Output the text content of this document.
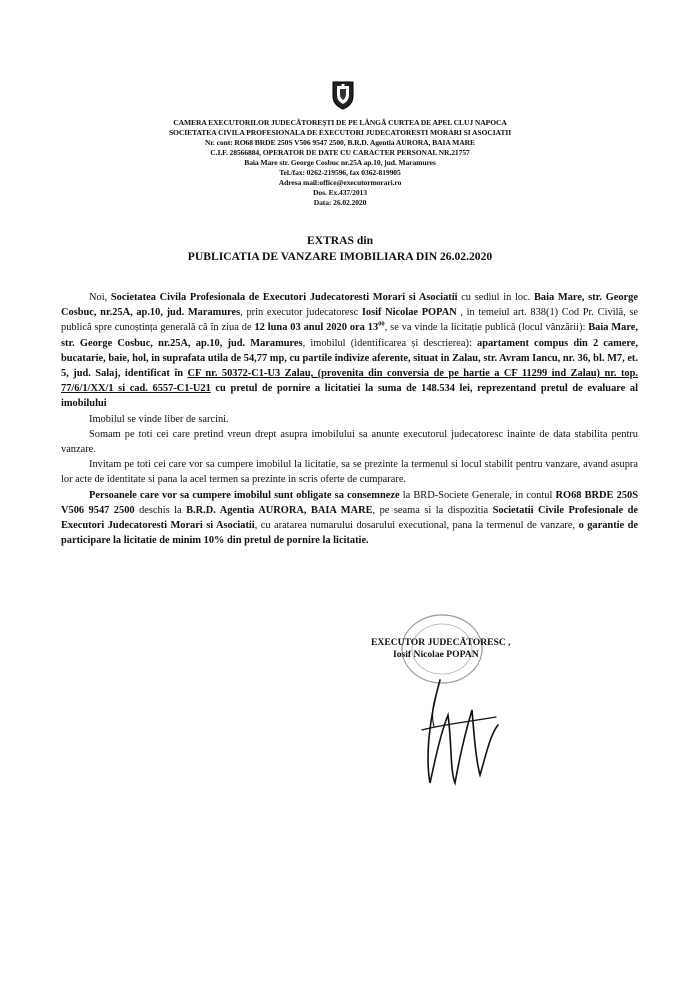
CAMERA EXECUTORILOR JUDECĂTOREȘTI DE PE LÂNGĂ CURTEA DE APEL CLUJ NAPOCA
SOCIETATEA CIVILA PROFESIONALA DE EXECUTORI JUDECATORESTI MORARI SI ASOCIATII
Nr. cont: RO68 BRDE 250S V506 9547 2500, B.R.D. Agentia AURORA, BAIA MARE
C.I.F. 28566884, OPERATOR DE DATE CU CARACTER PERSONAL NR.21757
Baia Mare str. George Cosbuc nr.25A ap.10, jud. Maramures
Tel./fax: 0262-219596, fax 0362-819905
Adresa mail:office@executormorari.ro
Dos. Ex.437/2013
Data: 26.02.2020
EXTRAS din
PUBLICATIA DE VANZARE IMOBILIARA DIN 26.02.2020

Noi, Societatea Civila Profesionala de Executori Judecatoresti Morari si Asociatii cu sediul in loc. Baia Mare, str. George Cosbuc, nr.25A, ap.10, jud. Maramures, prin executor judecatoresc Iosif Nicolae POPAN , in temeiul art. 838(1) Cod Pr. Civilă, se publică spre cunoștința generală că în ziua de 12 luna 03 anul 2020 ora $13^{00}$, se va vinde la licitație publică (locul vânzării): Baia Mare, str. George Cosbuc, nr.25A, ap.10, jud. Maramures, imobilul (identificarea și descrierea): apartament compus din 2 camere, bucatarie, baie, hol, in suprafata utila de 54,77 mp, cu partile indivize aferente, situat in Zalau, str. Avram Iancu, nr. 36, bl. M7, et. 5, jud. Salaj, identificat în CF nr. 50372-C1-U3 Zalau, (provenita din conversia de pe hartie a CF 11299 ind Zalau) nr. top. 77/6/1/XX/1 si cad. 6557-C1-U21 cu pretul de pornire a licitatiei la suma de 148.534 lei, reprezentand pretul de evaluare al imobilului

Imobilul se vinde liber de sarcini.

Somam pe toti cei care pretind vreun drept asupra imobilului sa anunte executorul judecatoresc inainte de data stabilita pentru vanzare.

Invitam pe toti cei care vor sa cumpere imobilul la licitatie, sa se prezinte la termenul si locul stabilit pentru vanzare, avand asupra lor acte de identitate si pana la acel termen sa prezinte in scris oferte de cumparare.

Persoanele care vor sa cumpere imobilul sunt obligate sa consemneze la BRD-Societe Generale, in contul RO68 BRDE 250S V506 9547 2500 deschis la B.R.D. Agentia AURORA, BAIA MARE, pe seama si la dispozitia Societatii Civile Profesionale de Executori Judecatoresti Morari si Asociatii, cu aratarea numarului dosarului executional, pana la termenul de vanzare, o garantie de participare la licitatie de minim 10% din pretul de pornire la licitatie.

EXECUTOR JUDECĂTORESC ,
Iosif Nicolae POPAN
